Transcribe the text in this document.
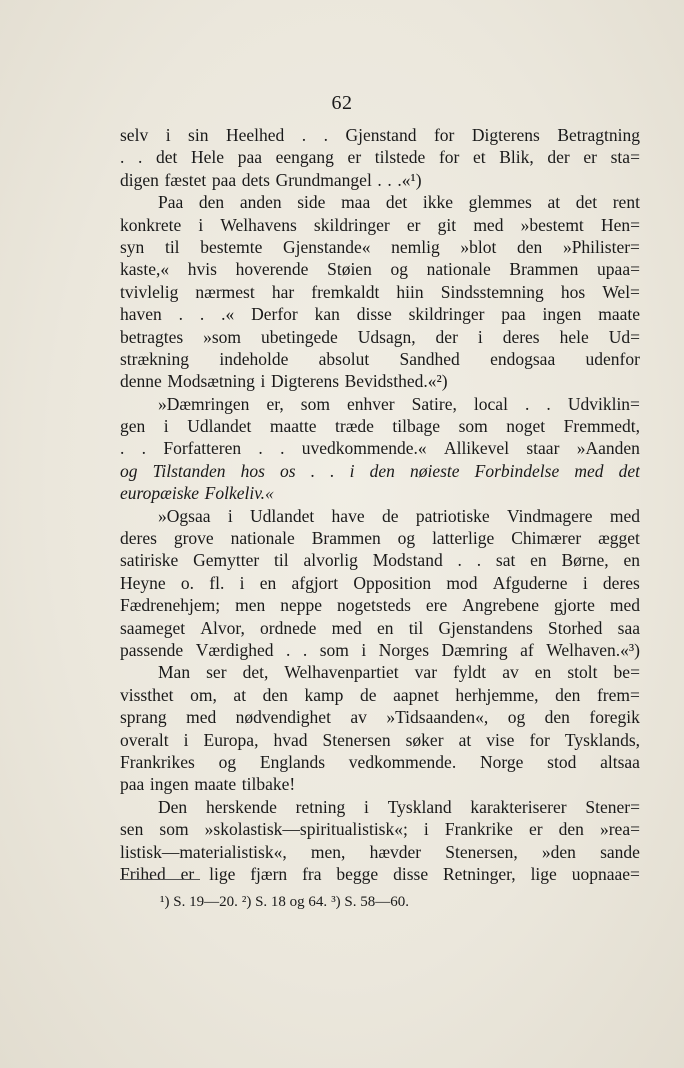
62
selv i sin Heelhed . . Gjenstand for Digterens Betragtning
. . det Hele paa eengang er tilstede for et Blik, der er sta=
digen fæstet paa dets Grundmangel . . .«¹)
Paa den anden side maa det ikke glemmes at det rent
konkrete i Welhavens skildringer er git med »bestemt Hen=
syn til bestemte Gjenstande« nemlig »blot den »Philister=
kaste,« hvis hoverende Støien og nationale Brammen upaa=
tvivlelig nærmest har fremkaldt hiin Sindsstemning hos Wel=
haven . . .« Derfor kan disse skildringer paa ingen maate
betragtes »som ubetingede Udsagn, der i deres hele Ud=
strækning indeholde absolut Sandhed endogsaa udenfor
denne Modsætning i Digterens Bevidsthed.«²)
»Dæmringen er, som enhver Satire, local . . Udviklin=
gen i Udlandet maatte træde tilbage som noget Fremmedt,
. . Forfatteren . . uvedkommende.« Allikevel staar »Aanden
og Tilstanden hos os . . i den nøieste Forbindelse med det
europæiske Folkeliv.«
»Ogsaa i Udlandet have de patriotiske Vindmagere med
deres grove nationale Brammen og latterlige Chimærer ægget
satiriske Gemytter til alvorlig Modstand . . sat en Børne, en
Heyne o. fl. i en afgjort Opposition mod Afguderne i deres
Fædrenehjem; men neppe nogetsteds ere Angrebene gjorte med
saameget Alvor, ordnede med en til Gjenstandens Storhed saa
passende Værdighed . . som i Norges Dæmring af Welhaven.«³)
Man ser det, Welhavenpartiet var fyldt av en stolt be=
vissthet om, at den kamp de aapnet herhjemme, den frem=
sprang med nødvendighet av »Tidsaanden«, og den foregik
overalt i Europa, hvad Stenersen søker at vise for Tysklands,
Frankrikes og Englands vedkommende. Norge stod altsaa
paa ingen maate tilbake!
Den herskende retning i Tyskland karakteriserer Stener=
sen som »skolastisk—spiritualistisk«; i Frankrike er den »rea=
listisk—materialistisk«, men, hævder Stenersen, »den sande
Frihed er lige fjærn fra begge disse Retninger, lige uopnaae=
¹) S. 19—20. ²) S. 18 og 64. ³) S. 58—60.
